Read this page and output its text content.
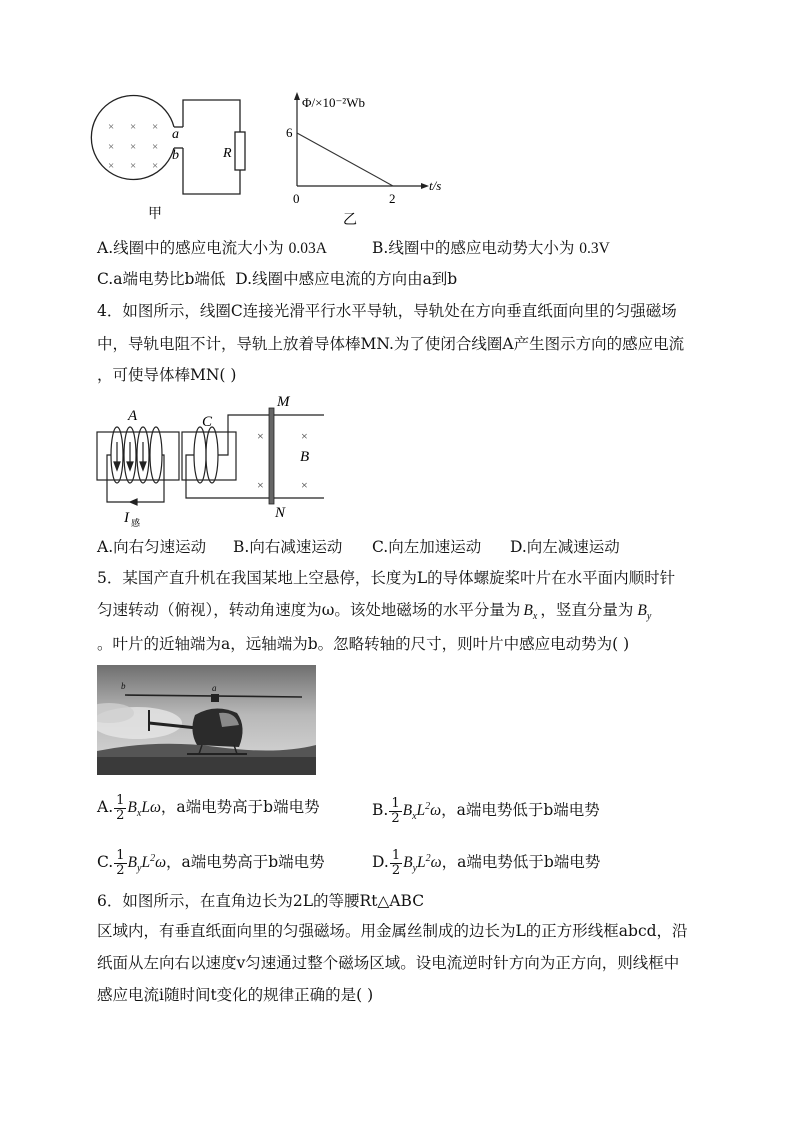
× × ×
× × ×
× × ×
a
b	R
甲
Φ/×10⁻²Wb
t/s
6
2
0
乙
A.线圈中的感应电流大小为 0.03A	B.线圈中的感应电动势大小为 0.3V
C.a端电势比b端低 D.线圈中感应电流的方向由a到b
4．如图所示，线圈C连接光滑平行水平导轨，导轨处在方向垂直纸面向里的匀强磁场
中，导轨电阻不计，导轨上放着导体棒MN.为了使闭合线圈A产生图示方向的感应电流
，可使导体棒MN( )
×	×
×	×
A	C
M
N
B
I 感
A.向右匀速运动 B.向右减速运动 C.向左加速运动 D.向左减速运动
5．某国产直升机在我国某地上空悬停，长度为L的导体螺旋桨叶片在水平面内顺时针
匀速转动（俯视），转动角速度为ω。该处地磁场的水平分量为 $B_x$ ，竖直分量为 $B_y$
。叶片的近轴端为a，远轴端为b。忽略转轴的尺寸，则叶片中感应电动势为( )
b	a
A. $\frac{1}{2} B_xL\omega$，a端电势高于b端电势	B. $\frac{1}{2} B_xL^2\omega$，a端电势低于b端电势
C. $\frac{1}{2} B_yL^2\omega$，a端电势高于b端电势	D. $\frac{1}{2} B_yL^2\omega$，a端电势低于b端电势
6．如图所示，在直角边长为2L的等腰Rt△ABC
区域内，有垂直纸面向里的匀强磁场。用金属丝制成的边长为L的正方形线框abcd，沿
纸面从左向右以速度v匀速通过整个磁场区域。设电流逆时针方向为正方向，则线框中
感应电流i随时间t变化的规律正确的是( )
